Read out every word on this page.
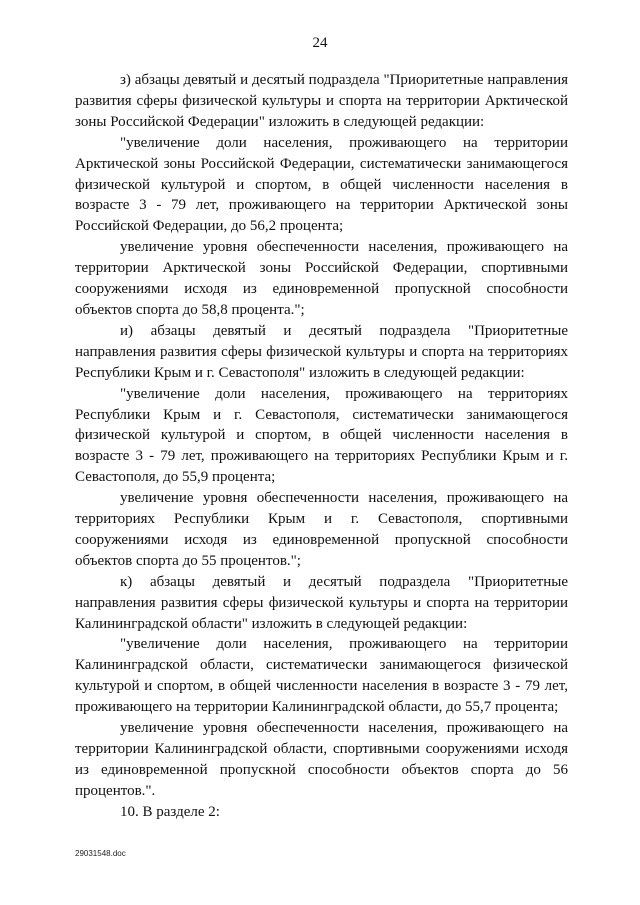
24

з) абзацы девятый и десятый подраздела "Приоритетные направления развития сферы физической культуры и спорта на территории Арктической зоны Российской Федерации" изложить в следующей редакции:

"увеличение доли населения, проживающего на территории Арктической зоны Российской Федерации, систематически занимающегося физической культурой и спортом, в общей численности населения в возрасте 3 - 79 лет, проживающего на территории Арктической зоны Российской Федерации, до 56,2 процента;

увеличение уровня обеспеченности населения, проживающего на территории Арктической зоны Российской Федерации, спортивными сооружениями исходя из единовременной пропускной способности объектов спорта до 58,8 процента.";

и) абзацы девятый и десятый подраздела "Приоритетные направления развития сферы физической культуры и спорта на территориях Республики Крым и г. Севастополя" изложить в следующей редакции:

"увеличение доли населения, проживающего на территориях Республики Крым и г. Севастополя, систематически занимающегося физической культурой и спортом, в общей численности населения в возрасте 3 - 79 лет, проживающего на территориях Республики Крым и г. Севастополя, до 55,9 процента;

увеличение уровня обеспеченности населения, проживающего на территориях Республики Крым и г. Севастополя, спортивными сооружениями исходя из единовременной пропускной способности объектов спорта до 55 процентов.";

к) абзацы девятый и десятый подраздела "Приоритетные направления развития сферы физической культуры и спорта на территории Калининградской области" изложить в следующей редакции:

"увеличение доли населения, проживающего на территории Калининградской области, систематически занимающегося физической культурой и спортом, в общей численности населения в возрасте 3 - 79 лет, проживающего на территории Калининградской области, до 55,7 процента;

увеличение уровня обеспеченности населения, проживающего на территории Калининградской области, спортивными сооружениями исходя из единовременной пропускной способности объектов спорта до 56 процентов.".

10. В разделе 2:

29031548.doc
